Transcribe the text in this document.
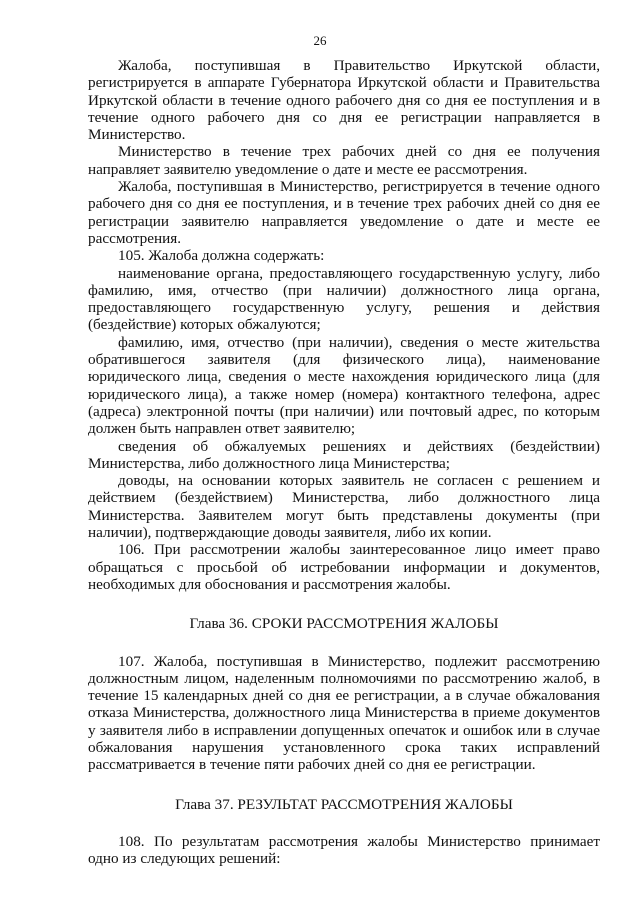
26

Жалоба, поступившая в Правительство Иркутской области, регистрируется в аппарате Губернатора Иркутской области и Правительства Иркутской области в течение одного рабочего дня со дня ее поступления и в течение одного рабочего дня со дня ее регистрации направляется в Министерство.

Министерство в течение трех рабочих дней со дня ее получения направляет заявителю уведомление о дате и месте ее рассмотрения.

Жалоба, поступившая в Министерство, регистрируется в течение одного рабочего дня со дня ее поступления, и в течение трех рабочих дней со дня ее регистрации заявителю направляется уведомление о дате и месте ее рассмотрения.

105. Жалоба должна содержать:

наименование органа, предоставляющего государственную услугу, либо фамилию, имя, отчество (при наличии) должностного лица органа, предоставляющего государственную услугу, решения и действия (бездействие) которых обжалуются;

фамилию, имя, отчество (при наличии), сведения о месте жительства обратившегося заявителя (для физического лица), наименование юридического лица, сведения о месте нахождения юридического лица (для юридического лица), а также номер (номера) контактного телефона, адрес (адреса) электронной почты (при наличии) или почтовый адрес, по которым должен быть направлен ответ заявителю;

сведения об обжалуемых решениях и действиях (бездействии) Министерства, либо должностного лица Министерства;

доводы, на основании которых заявитель не согласен с решением и действием (бездействием) Министерства, либо должностного лица Министерства. Заявителем могут быть представлены документы (при наличии), подтверждающие доводы заявителя, либо их копии.

106. При рассмотрении жалобы заинтересованное лицо имеет право обращаться с просьбой об истребовании информации и документов, необходимых для обоснования и рассмотрения жалобы.

Глава 36. СРОКИ РАССМОТРЕНИЯ ЖАЛОБЫ

107. Жалоба, поступившая в Министерство, подлежит рассмотрению должностным лицом, наделенным полномочиями по рассмотрению жалоб, в течение 15 календарных дней со дня ее регистрации, а в случае обжалования отказа Министерства, должностного лица Министерства в приеме документов у заявителя либо в исправлении допущенных опечаток и ошибок или в случае обжалования нарушения установленного срока таких исправлений рассматривается в течение пяти рабочих дней со дня ее регистрации.

Глава 37. РЕЗУЛЬТАТ РАССМОТРЕНИЯ ЖАЛОБЫ

108. По результатам рассмотрения жалобы Министерство принимает одно из следующих решений:
